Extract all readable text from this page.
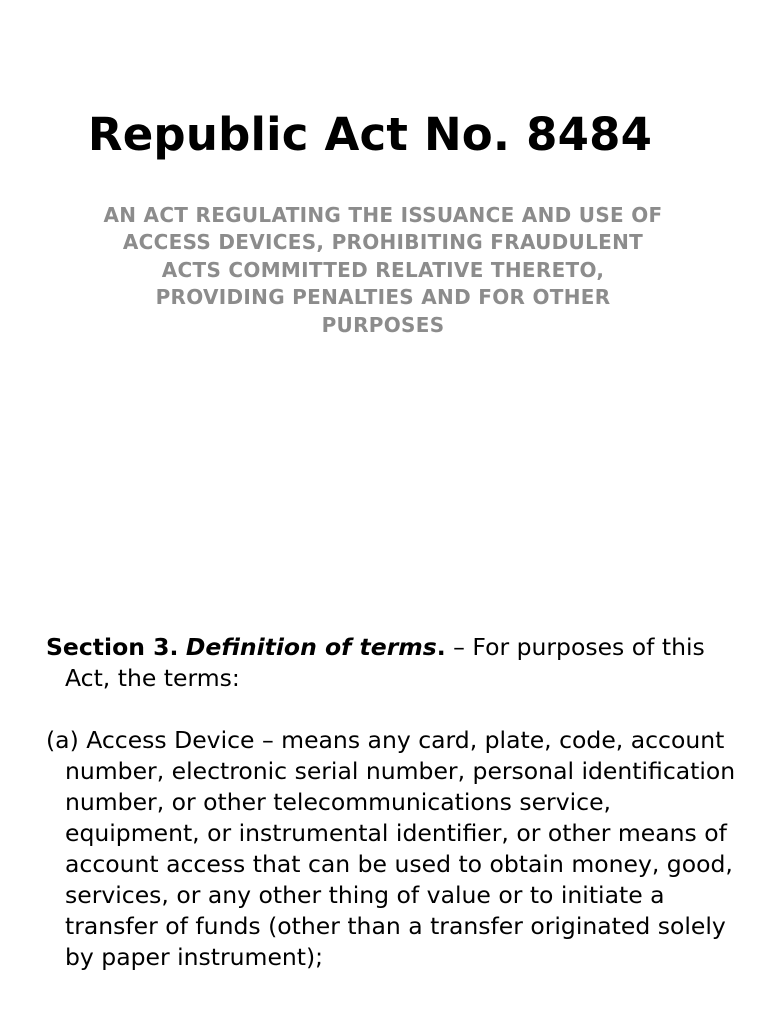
Republic Act No. 8484

AN ACT REGULATING THE ISSUANCE AND USE OF ACCESS DEVICES, PROHIBITING FRAUDULENT ACTS COMMITTED RELATIVE THERETO, PROVIDING PENALTIES AND FOR OTHER PURPOSES

Section 3. Definition of terms. – For purposes of this Act, the terms:

(a) Access Device – means any card, plate, code, account number, electronic serial number, personal identification number, or other telecommunications service, equipment, or instrumental identifier, or other means of account access that can be used to obtain money, good, services, or any other thing of value or to initiate a transfer of funds (other than a transfer originated solely by paper instrument);
